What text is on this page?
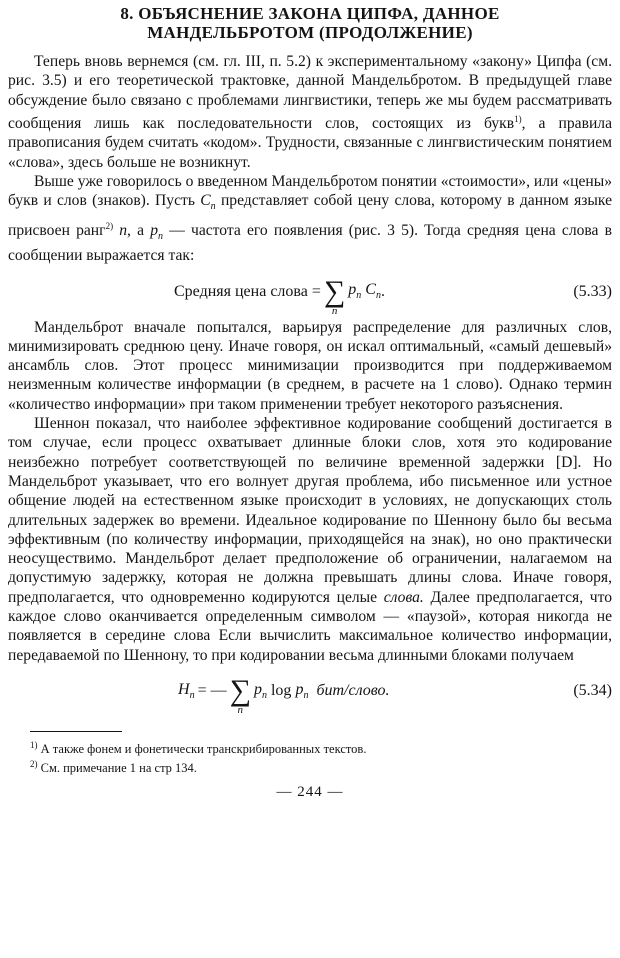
8. ОБЪЯСНЕНИЕ ЗАКОНА ЦИПФА, ДАННОЕ
МАНДЕЛЬБРОТОМ (ПРОДОЛЖЕНИЕ)

Теперь вновь вернемся (см. гл. III, п. 5.2) к экспериментальному «закону» Ципфа (см. рис. 3.5) и его теоретической трактовке, данной Мандельбротом. В предыдущей главе обсуждение было связано с проблемами лингвистики, теперь же мы будем рассматривать сообщения лишь как последовательности слов, состоящих из букв$^{1)}$, а правила правописания будем считать «кодом». Трудности, связанные с лингвистическим понятием «слова», здесь больше не возникнут.

Выше уже говорилось о введенном Мандельбротом понятии «стоимости», или «цены» букв и слов (знаков). Пусть $C_n$ представляет собой цену слова, которому в данном языке присвоен ранг$^{2)}$ n, а $p_n$ — частота его появления (рис. 3 5). Тогда средняя цена слова в сообщении выражается так:

Средняя цена слова = ∑
n
$p_n$ $C_n$ .	(5.33)

Мандельброт вначале попытался, варьируя распределение для различных слов, минимизировать среднюю цену. Иначе говоря, он искал оптимальный, «самый дешевый» ансамбль слов. Этот процесс минимизации производится при поддерживаемом неизменным количестве информации (в среднем, в расчете на 1 слово). Однако термин «количество информации» при таком применении требует некоторого разъяснения.

Шеннон показал, что наиболее эффективное кодирование сообщений достигается в том случае, если процесс охватывает длинные блоки слов, хотя это кодирование неизбежно потребует соответствующей по величине временной задержки [D]. Но Мандельброт указывает, что его волнует другая проблема, ибо письменное или устное общение людей на естественном языке происходит в условиях, не допускающих столь длительных задержек во времени. Идеальное кодирование по Шеннону было бы весьма эффективным (по количеству информации, приходящейся на знак), но оно практически неосуществимо. Мандельброт делает предположение об ограничении, налагаемом на допустимую задержку, которая не должна превышать длины слова. Иначе говоря, предполагается, что одновременно кодируются целые слова. Далее предполагается, что каждое слово оканчивается определенным символом — «паузой», которая никогда не появляется в середине слова Если вычислить максимальное количество информации, передаваемой по Шеннону, то при кодировании весьма длинными блоками получаем

$H_n$ = — ∑
n
$p_n$ $\log p_n$ бит/слово.	(5.34)
$^{1)}$ А также фонем и фонетически транскрибированных текстов.
$^{2)}$ См. примечание 1 на стр 134.
— 244 —
